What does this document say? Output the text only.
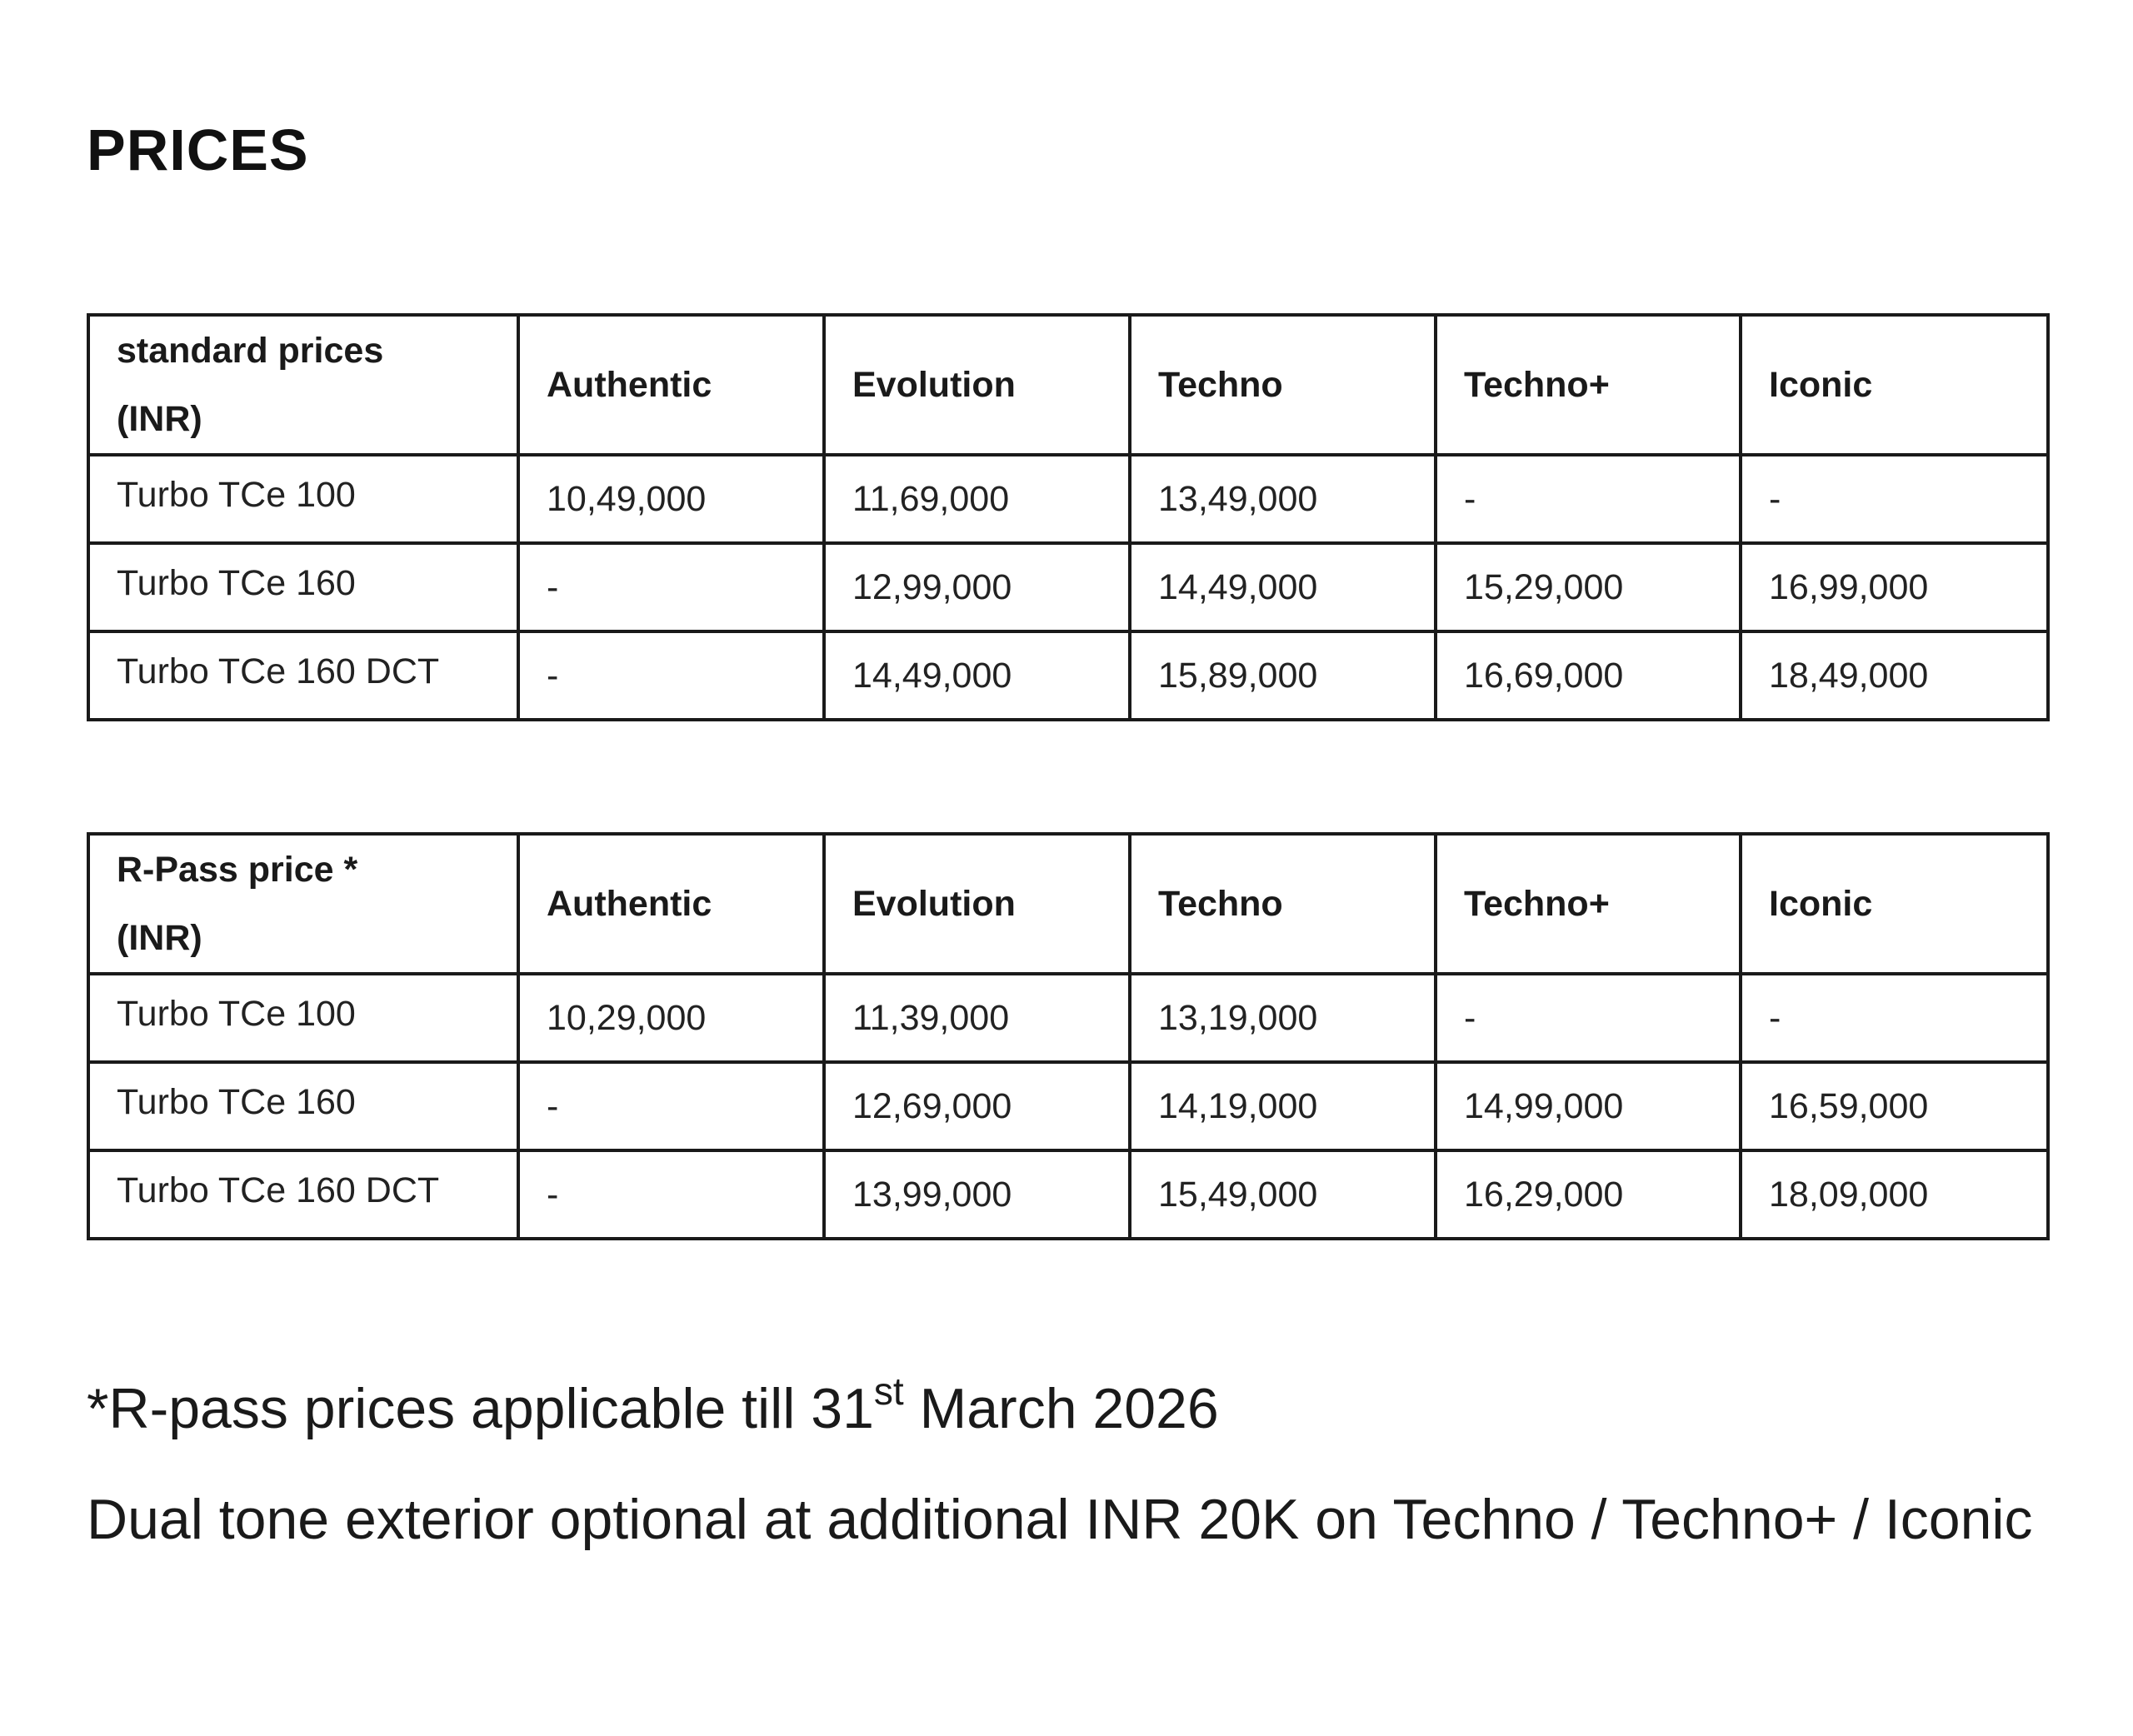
PRICES
standard prices
(INR)	Authentic	Evolution	Techno	Techno+	Iconic
Turbo TCe 100	10,49,000	11,69,000	13,49,000	-	-
Turbo TCe 160	-	12,99,000	14,49,000	15,29,000	16,99,000
Turbo TCe 160 DCT	-	14,49,000	15,89,000	16,69,000	18,49,000
R-Pass price *
(INR)	Authentic	Evolution	Techno	Techno+	Iconic
Turbo TCe 100	10,29,000	11,39,000	13,19,000	-	-
Turbo TCe 160	-	12,69,000	14,19,000	14,99,000	16,59,000
Turbo TCe 160 DCT	-	13,99,000	15,49,000	16,29,000	18,09,000

*R-pass prices applicable till 31st March 2026

Dual tone exterior optional at additional INR 20K on Techno / Techno+ / Iconic
